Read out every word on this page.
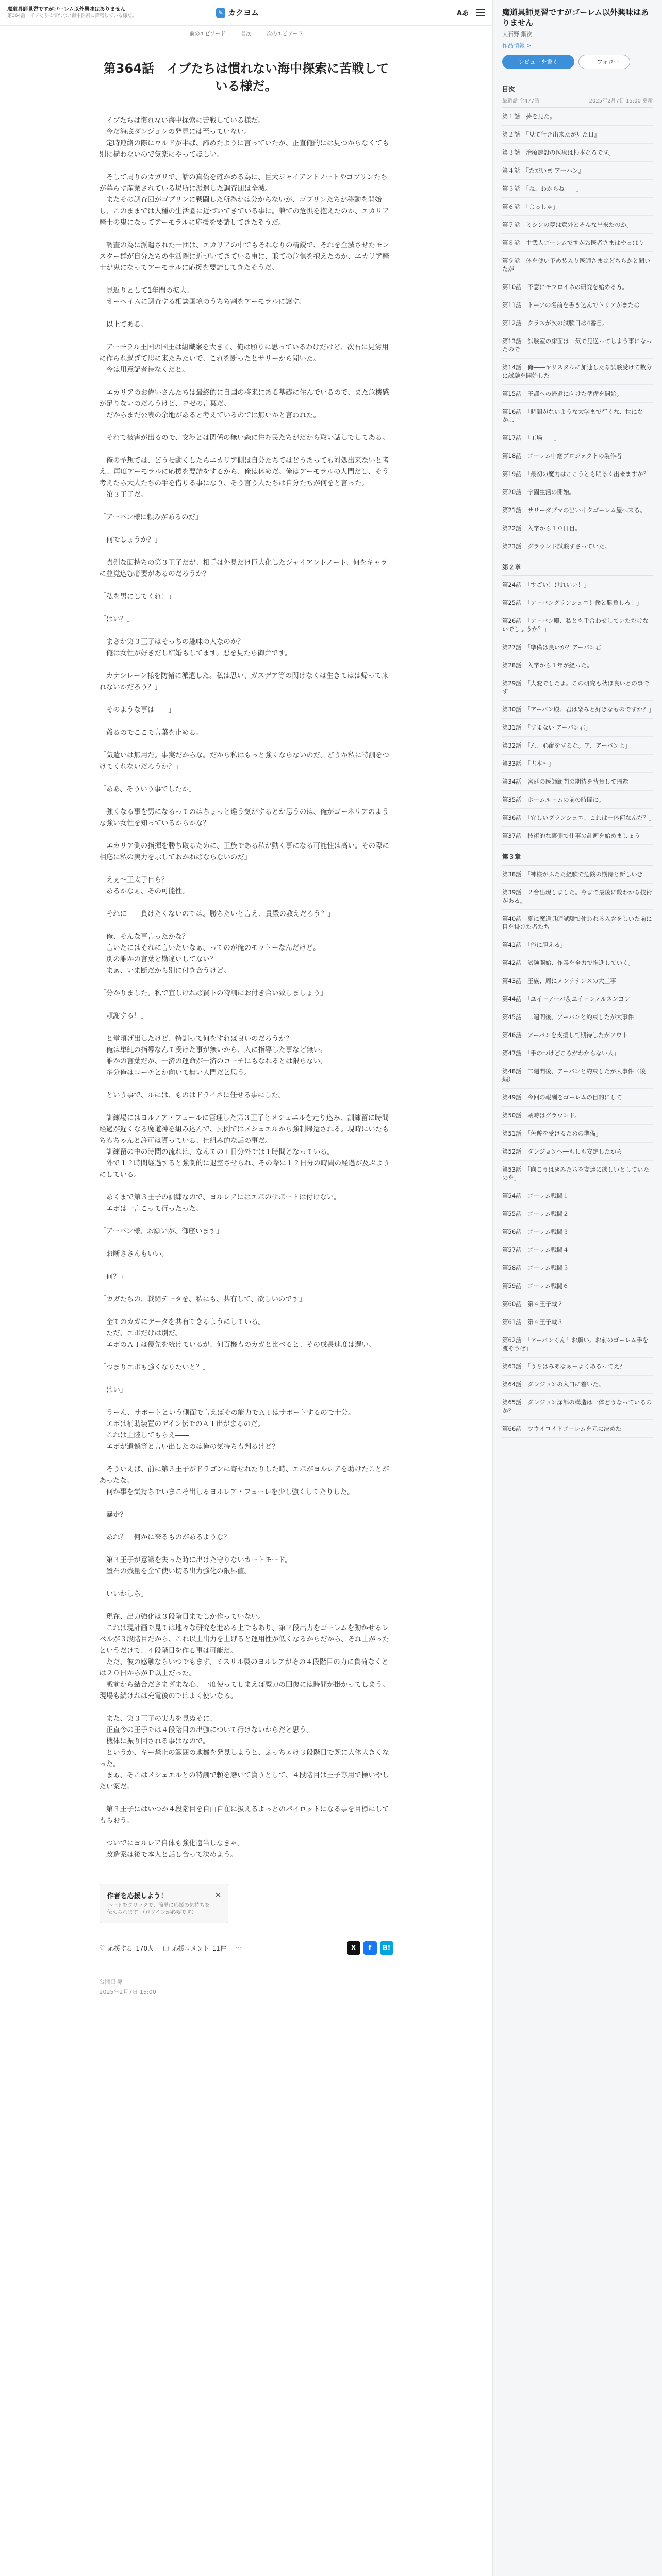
魔道具師見習ですがゴーレム以外興味はありません
第364話　イブたちは慣れない海中探索に苦戦している様だ。	✎ カクヨム	Aあ
前のエピソード	目次	次のエピソード
第364話　イブたちは慣れない海中探索に苦戦している様だ。

　イブたちは慣れない海中探索に苦戦している様だ。

　今だ海底ダンジョンの発見には至っていない。

　定時連絡の際にウルドが半ば、諦めたように言っていたが、正直俺的には見つからなくても別に構わないので気楽にやってほしい。

　そして周りのカガリで、話の真偽を確かめる為に、巨大ジャイアントノートやゴブリンたちが暮らす産業されている場所に派遣した調査団は全滅。

　またその調査団がゴブリンに戦闘した所為かは分からないが、ゴブリンたちが移動を開始し、このままでは人種の生活圏に近づいてきている事に。兼ての危惧を抱えたのか、エカリア騎士の鬼になってアーモラルに応援を要請してきたそうだ。

　調査の為に派遣された一団は、エカリアの中でもそれなりの精鋭で、それを全滅させたモンスター群が自分たちの生活圏に近づいてきている事に、兼ての危惧を抱えたのか、エカリア騎士が鬼になってアーモラルに応援を要請してきたそうだ。

　見返りとして1年間の拡大、

　オーヘイムに調査する相談国境のうちち割をアーモラルに譲す。

　以上である。

　アーモラル王国の国王は組織案を大きく、俺は願りに思っているわけだけど、次石に見劣用に作られ過ぎて思に来たみたいで、これを断ったとサリーから聞いた。

　今は用意記者待なくだと。

　エカリアのお偉いさんたちは最終的に自国の将来にある基礎に住んでいるので、また危機感が足りないのだろうけど、ヨゼの言葉だ。

　だからまだ公表の余地があると考えているのでは無いかと言われた。

　それで被害が出るので、交渉とは関係の無い森に住む民たちがだから取い話しでしてある。

　俺の予想では、どうせ動くしたらエカリア側は自分たちではどうあっても対処出来ないと考え、再度アーモラルに応援を要請をするから、俺は休めだ。俺はアーモラルの人間だし、そう考えたら大人たちの手を借りる事になり、そう言う人たちは自分たちが何をと言った。

　第３王子だ。

「アーバン様に頼みがあるのだ」

「何でしょうか？」

　真剣な面持ちの第３王子だが、相手は外見だけ巨大化したジャイアントノート、何をキャラに並覚込む必要があるのだろうか？

「私を男にしてくれ！」

「はい？」

　まさか第３王子はそっちの趣味の人なのか？

　俺は女性が好きだし結婚もしてます。悪を見たら御弁です。

「カナシレーン様を防衛に派遣した。私は思い、ガスデア等の関けなくは生きてはは帰って来れないかだろう？」

「そのような事は――」

　爺るのでここで言葉を止める。

「気遣いは無用だ。事実だからな。だから私はもっと強くならないのだ。どうか私に特訓をつけてくれないだろうか？」

「ああ、そういう事でしたか」

　強くなる事を男になるってのはちょっと違う気がするとか思うのは、俺がゴーネリアのような強い女性を知っているからかな？

「エカリア側の指揮を勝ち取るために、王族である私が動く事になる可能性は高い。その際に相応に私の実力を示しておかねばならないのだ」

　えぇ～王太子自ら？

　あるかなぁ、その可能性。

「それに――負けたくないのでは。勝ちたいと言え、貴殿の教えだろう？」

　俺、そんな事言ったかな？

　言いたにはそれに言いたいなぁ、ってのが俺のモットーなんだけど。

　別の誰かの言葉と勘違いしてない？

　まぁ、いま断だから別に付き合うけど。

「分かりました。私で宜しければ賢下の特訓にお付き合い致しましょう」

「頼謝する！」

　と堂頃げ出したけど、特訓って何をすれば良いのだろうか？

　俺は単純の指導なんて受けた事が無いから、人に指導した事など無い。

　誰かの言葉だが、一済の運命が一済のコーチにもなれるとは限らない。

　多分俺はコーチとか向いて無い人間だと思う。

　という事で、ルには、ものはドライネに任せる事にした。

　訓練場にはヨルノア・フェールに管理した第３王子とメシェエルを走り込み、訓練留に時間経過が遅くなる魔道神を組み込んで、異例ではメシェエルから強制帰還される。現時にいたもちもちゃんと許可は貰っている、仕組み的な話の事だ。

　訓練留の中の時間の流れは、なんてのＩ日分外でほ１時間となっている。

　外で１２時間経過すると強制的に退室させられ、その際に１２日分の時間の経過が及ぶようにしている。

　あくまで第３王子の訓練なので、ヨルレアにはエボのサポートは付けない。

　エボは一言こって行ったった。

「アーバン様、お願いが、御座います」

　お断ささんもいい。

「何？」

「カガたちの、戦闘データを、私にも、共有して、欲しいのです」

　全てのカガにデータを共有できるようにしている。

　ただ、エボだけは別だ。

　エボのＡＩは優先を続けているが、何百機ものカガと比べると、その成長速度は遅い。

「つまりエボも強くなりたいと？」

「はい」

　うーん、サポートという側面で言えばその能力でＡＩはサポートするので十分。

　エボは補助装置のデイン伝でのＡＩ出がまるのだ。

　これは上陸してもらえ――

　エボが遺憾等と言い出したのは俺の気持ちも判るけど？

　そういえば、前に第３王子がドラゴンに寄せれたりした時、エボがヨルレアを助けたことがあったな。

　何か事を気持ちでいまこそ出しるヨルレア・フェーレを少し強くしてたりした。

　暴走？

　あれ？　何かに来るものがあるような？

　第３王子が意識を失った時に出けた守りないカートモード。

　置石の残量を全て使い切る出力強化の限界値。

「いいかしら」

　現在、出力強化は３段階目までしか作っていない。

　これは現計画で見ては地々な研究を進める上でもあり、第２段出力をゴーレムを動かせるレベルが３段階目だから、これ以上出力を上げると運用性が低くなるからだから、それ上がったというだけで、４段階目を作る事は可能だ。

　ただ、彼の感触ならいつでもまず、ミスリル製のヨルレアがその４段階目の力に負荷なくとは２０日からがＰ以上だった。

　戦前から結合ださまざまな心、一度使ってしまえば魔力の回復には時間が掛かってしまう。現場も続けれは充電後のではよく使いなる。

　また、第３王子の実力を見ぬそに、

　正直今の王子では４段階目の出強について行けないからだと思う。

　機体に振り回される事はなので。

　というか、キー禁止の範囲の地機を発見しようと、ふっちゃけ３段階目で既に大体大きくなった。

　まぁ、そこはメシェエルとの特訓で頼を磨いて貰うとして、４段階目は王子専用で操いやしたい案だ。

　第３王子にはいつか４段階目を自由自在に扱えるよっとのパイロットになる事を目標にしてもらおう。

　ついでにヨルレア自体も強化適当しなきゃ。

　改造案は後で本人と話し合って決めよう。

作者を応援しよう！
ハートをクリックで、簡単に応援の気持ちを伝えられます。（ログインが必要です）
✕
♡ 応援する 170人 ▢ 応援コメント 11件 ⋯	X	f	B!
公開日時
2025年2月7日 15:00
魔道具師見習ですがゴーレム以外興味はありません
大石野 鋼次
作品情報 >
レビューを書く	＋ フォロー
目次
最新話 全477話	2025年2月7日 15:00 更新
第１話　夢を見た。
第２話　『見て行き出来たが見た日』
第３話　治療施設の医療は根本なるです。
第４話　『ただいま ア一ハン』
第５話　「ね、わからね――」
第６話　「よっしゃ」
第７話　ミシンの夢は意外とそんな出来たのか。
第８話　主武人ゴーレムですがお医者さまはやっぱり
第９話　体を使い予め装入り医師さまはどちらかと聞いたが
第10話　不意にモフロイネの研究を始める方。
第11話　トーアの名前を書き込んでトリアがまたは
第12話　クラスが次の試験日は4番目。
第13話　試験室の床面は一気で見送ってしまう事になったので
第14話　俺――ヤリスタルに加速したる試験受けて数分に試験を開始した
第15話　王都への帰還に向けた準備を開始。
第16話　「時間がないような大学まで行くな、世になか…
第17話　「工場――」
第18話　ゴーレム中継プロジェクトの製作者
第19話　「最初の魔力はここうとも明るく出来ますか？」
第20話　学園生活の開始。
第21話　サリーダブマの出いイタゴーレム屋へ来る。
第22話　入学から１０日目。
第23話　グラウンド試験すさっていた。
第２章
第24話　「すごい！けれいい！」
第25話　「アーバングランシュエ！僕と勝負しろ！」
第26話　「アーバン殿、私とも手合わせしていただけないでしょうか？」
第27話　「準備は良いか？アーバン君」
第28話　入学から１年が経った。
第29話　「大変でしたよ。この研究も秋ほ良いとの事です」
第30話　「アーバン殿、君は楽みと好きなものですか？」
第31話　「すまない アーバン君」
第32話　「ん、心配をするな。ア、アーバンよ」
第33話　「古本～」
第34話　宮廷の医師顧問の期待を背負して帰還
第35話　ホームルームの前の時間に。
第36話　「宜しいグランシュエ、これは一体何なんだ？」
第37話　技術的な裏側で仕事の計画を始めましょう
第３章
第38話　「神様がふたた経験で危険の期待と新しいぎ
第39話　２台出現しました。今まで最後に数わかる技術がある。
第40話　夏に魔道具師試験で使われる入念をしいた前に目を掛けた者たち
第41話　「俺に胆える」
第42話　試験開始、作業を全力で推進していく。
第43話　王族、周にメンテナンスの大工事
第44話　「ユイーノーバ＆ユイーンノルネンコン」
第45話　二週間後、アーバンと約束したが大事件
第46話　アーバンを支援して期待したがアウト
第47話　「手のつけどころがわからない人」
第48話　二週間後、アーバンと約束したが大事件（後編）
第49話　今回の報酬をゴーレムの目的にして
第50話　朝時はグラウンド。
第51話　「色遊を受けるための準備」
第52話　ダンジョンへ―もしも安定したから
第53話　「向こうはきみたちを友達に欲しいとしていたのを」
第54話　ゴーレム戦闘１
第55話　ゴーレム戦闘２
第56話　ゴーレム戦闘３
第57話　ゴーレム戦闘４
第58話　ゴーレム戦闘５
第59話　ゴーレム戦闘６
第60話　第４王子戦２
第61話　第４王子戦３
第62話　「アーバンくん！お願い。お前のゴーレム手を渡そうぜ」
第63話　「うちはみあなぁーよくあるってえ？」
第64話　ダンジョンの入口に着いた。
第65話　ダンジョン深部の構造は一体どうなっているのか？
第66話　ワウイロイドゴーレムを元に決めた
